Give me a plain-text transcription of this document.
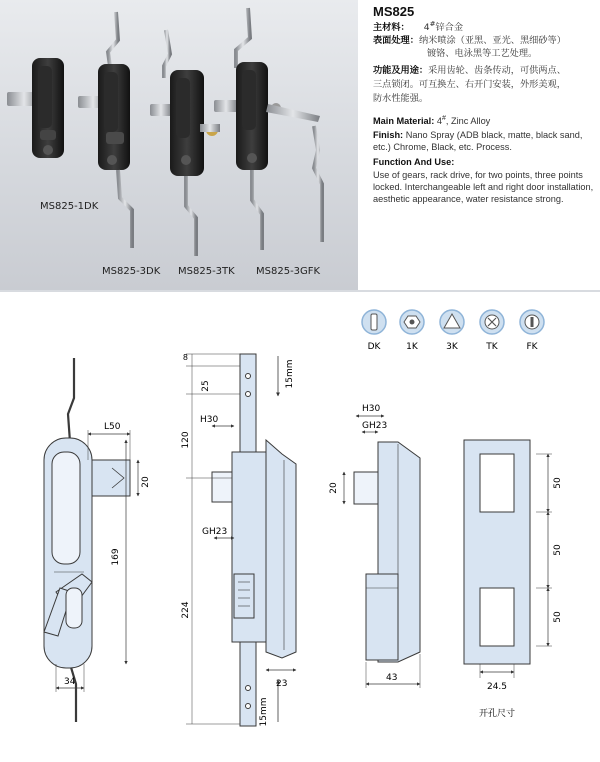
MS825-1DK
MS825-3DK MS825-3TK MS825-3GFK
MS825
主材料： 4#锌合金
表面处理：纳米喷涂（亚黑、亚光、黑细砂等）
镀铬、电泳黑等工艺处理。
功能及用途：采用齿轮、齿条传动，可供两点、
三点锁闭。可互换左、右开门安装，外形美观，
防水性能强。
Main Material: 4#, Zinc Alloy
Finish: Nano Spray (ADB black, matte, black sand, etc.) Chrome, Black, etc. Process.
Function And Use:
Use of gears, rack drive, for two points, three points locked. Interchangeable left and right door installation, aesthetic appearance, water resistance strong.
DK	1K	3K	TK	FK
L50
20
169
34
8
25
120
H30
GH23
224
23
15mm
15mm
H30
GH23
20
43
50
50
50
24.5
开孔尺寸
